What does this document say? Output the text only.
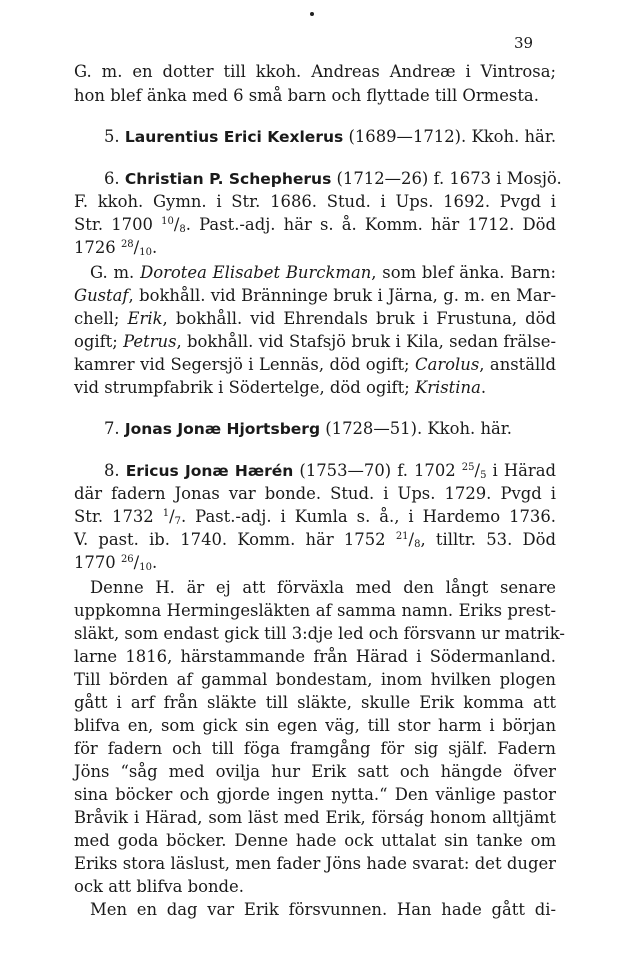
39
G. m. en dotter till kkoh. Andreas Andreæ i Vintrosa;
hon blef änka med 6 små barn och flyttade till Ormesta.
5. Laurentius Erici Kexlerus (1689—1712). Kkoh. här.
6. Christian P. Schepherus (1712—26) f. 1673 i Mosjö.
F. kkoh. Gymn. i Str. 1686. Stud. i Ups. 1692. Pvgd i
Str. 1700 $^{10}/_8$. Past.-adj. här s. å. Komm. här 1712. Död
1726 $^{28}/_{10}$.
G. m. Dorotea Elisabet Burckman, som blef änka. Barn:
Gustaf, bokhåll. vid Bränninge bruk i Järna, g. m. en Mar-
chell; Erik, bokhåll. vid Ehrendals bruk i Frustuna, död
ogift; Petrus, bokhåll. vid Stafsjö bruk i Kila, sedan frälse-
kamrer vid Segersjö i Lennäs, död ogift; Carolus, anställd
vid strumpfabrik i Södertelge, död ogift; Kristina.
7. Jonas Jonæ Hjortsberg (1728—51). Kkoh. här.
8. Ericus Jonæ Hærén (1753—70) f. 1702 $^{25}/_5$ i Härad
där fadern Jonas var bonde. Stud. i Ups. 1729. Pvgd i
Str. 1732 $^1/_7$. Past.-adj. i Kumla s. å., i Hardemo 1736.
V. past. ib. 1740. Komm. här 1752 $^{21}/_8$, tilltr. 53. Död
1770 $^{26}/_{10}$.
Denne H. är ej att förväxla med den långt senare
uppkomna Hermingesläkten af samma namn. Eriks prest-
släkt, som endast gick till 3:dje led och försvann ur matrik-
larne 1816, härstammande från Härad i Södermanland.
Till börden af gammal bondestam, inom hvilken plogen
gått i arf från släkte till släkte, skulle Erik komma att
blifva en, som gick sin egen väg, till stor harm i början
för fadern och till föga framgång för sig själf. Fadern
Jöns “såg med ovilja hur Erik satt och hängde öfver
sina böcker och gjorde ingen nytta.“ Den vänlige pastor
Bråvik i Härad, som läst med Erik, förság honom alltjämt
med goda böcker. Denne hade ock uttalat sin tanke om
Eriks stora läslust, men fader Jöns hade svarat: det duger
ock att blifva bonde.
Men en dag var Erik försvunnen. Han hade gått di-
